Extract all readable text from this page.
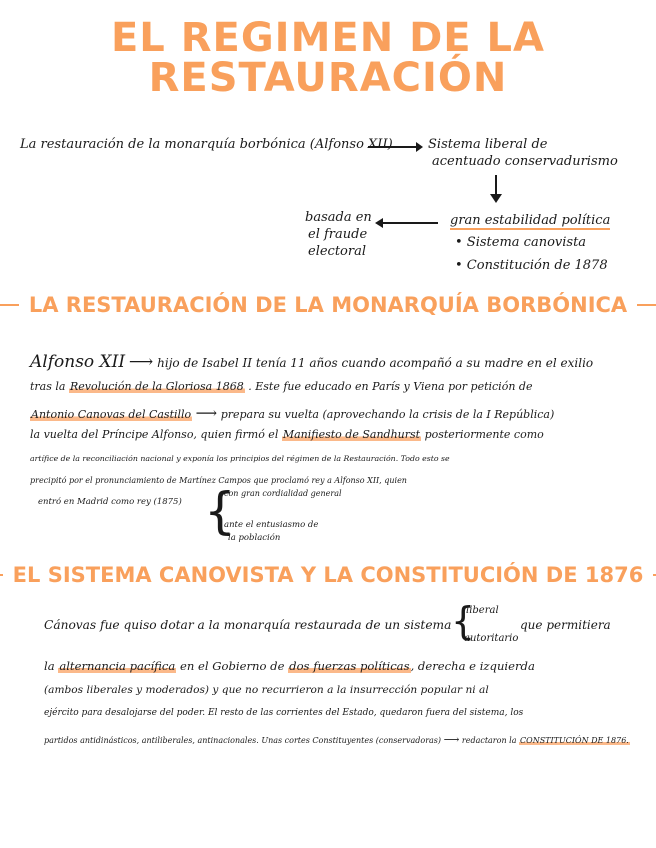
EL REGIMEN DE LA RESTAURACIÓN
La restauración de la monarquía borbónica (Alfonso XII)	Sistema liberal de
acentuado conservadurismo
gran estabilidad política
• Sistema canovista
• Constitución de 1878
basada en
el fraude
electoral
LA RESTAURACIÓN DE LA MONARQUÍA BORBÓNICA
Alfonso XII ⟶ hijo de Isabel II tenía 11 años cuando acompañó a su madre en el exilio
tras la Revolución de la Gloriosa 1868 . Este fue educado en París y Viena por petición de
Antonio Canovas del Castillo ⟶ prepara su vuelta (aprovechando la crisis de la I República)
la vuelta del Príncipe Alfonso, quien firmó el Manifiesto de Sandhurst posteriormente como
artífice de la reconciliación nacional y exponía los principios del régimen de la Restauración. Todo esto se
precipitó por el pronunciamiento de Martínez Campos que proclamó rey a Alfonso XII, quien
entró en Madrid como rey (1875) {
con gran cordialidad general
ante el entusiasmo de
la población
EL SISTEMA CANOVISTA Y LA CONSTITUCIÓN DE 1876
Cánovas fue quiso dotar a la monarquía restaurada de un sistema {
liberal
autoritario
que permitiera
la alternancia pacífica en el Gobierno de dos fuerzas políticas, derecha e izquierda
(ambos liberales y moderados) y que no recurrieron a la insurrección popular ni al
ejército para desalojarse del poder. El resto de las corrientes del Estado, quedaron fuera del sistema, los
partidos antidinásticos, antiliberales, antinacionales. Unas cortes Constituyentes (conservadoras) ⟶ redactaron la CONSTITUCIÓN DE 1876.
